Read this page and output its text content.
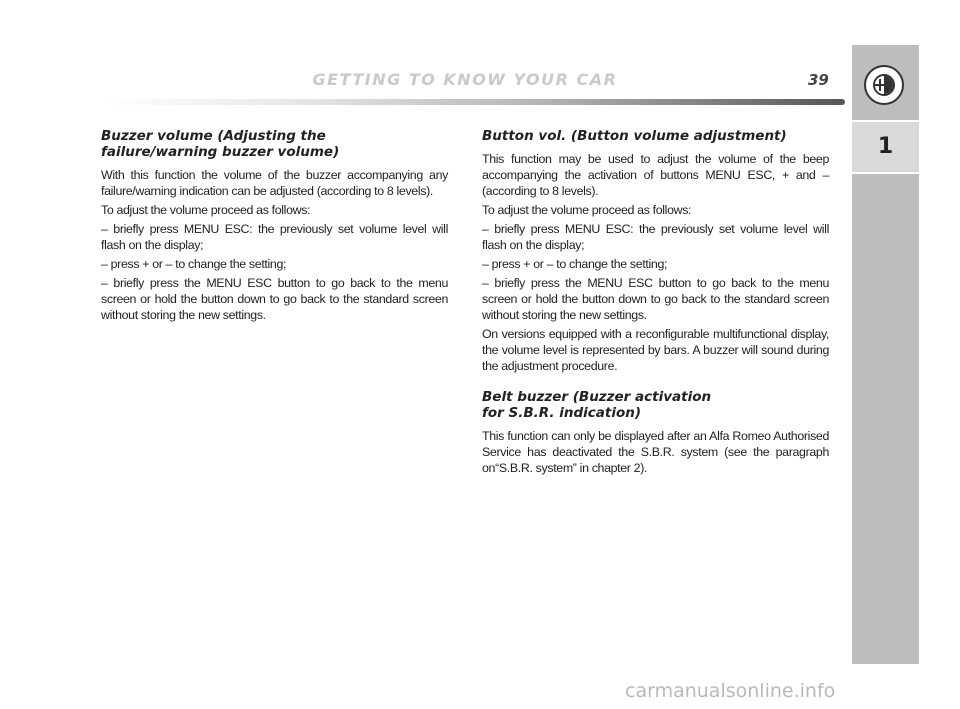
GETTING TO KNOW YOUR CAR	39
1
Buzzer volume (Adjusting the
failure/warning buzzer volume)

With this function the volume of the buzzer accompanying any failure/warning indication can be adjusted (according to 8 levels).

To adjust the volume proceed as follows:

– briefly press MENU ESC: the previously set volume level will flash on the display;

– press + or – to change the setting;

– briefly press the MENU ESC button to go back to the menu screen or hold the button down to go back to the standard screen without storing the new settings.

Button vol. (Button volume adjustment)

This function may be used to adjust the volume of the beep accompanying the activation of buttons MENU ESC, + and – (according to 8 levels).

To adjust the volume proceed as follows:

– briefly press MENU ESC: the previously set volume level will flash on the display;

– press + or – to change the setting;

– briefly press the MENU ESC button to go back to the menu screen or hold the button down to go back to the standard screen without storing the new settings.

On versions equipped with a reconfigurable multifunctional display, the volume level is represented by bars. A buzzer will sound during the adjustment procedure.

Belt buzzer (Buzzer activation
for S.B.R. indication)

This function can only be displayed after an Alfa Romeo Authorised Service has deactivated the S.B.R. system (see the paragraph on“S.B.R. system” in chapter 2).

carmanualsonline.info
